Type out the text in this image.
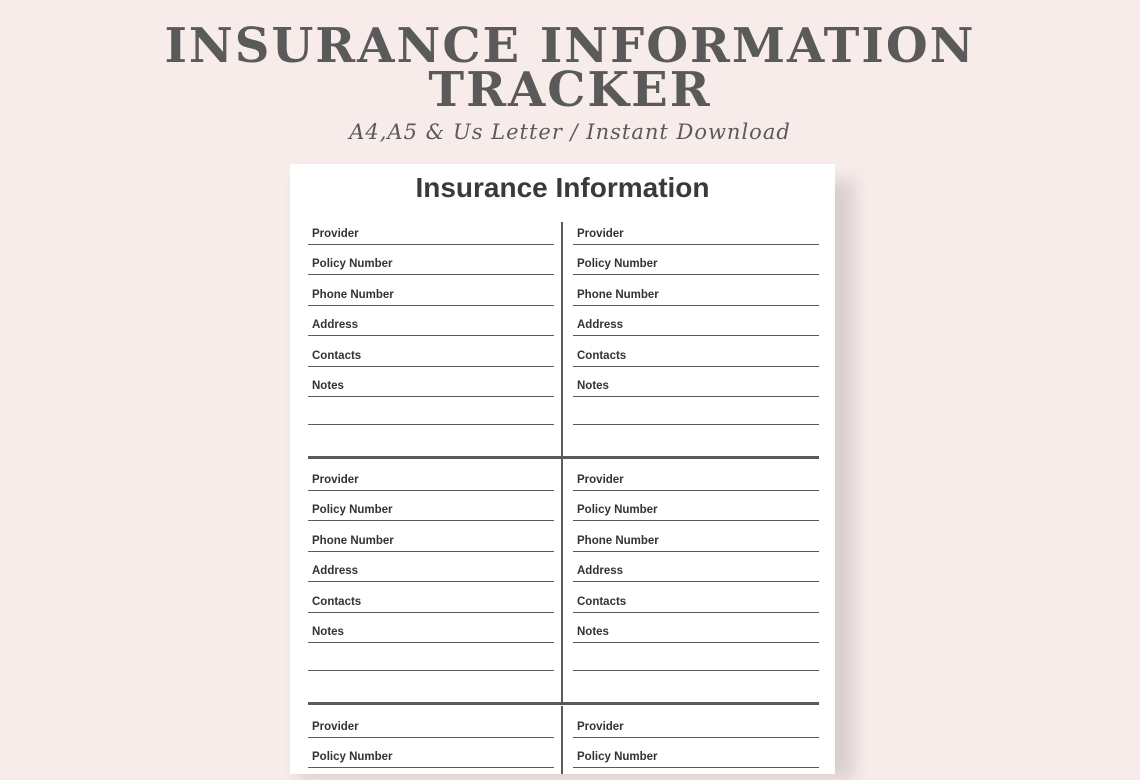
INSURANCE INFORMATION
TRACKER
A4,A5 & Us Letter / Instant Download
Insurance Information
Provider
Policy Number
Phone Number
Address
Contacts
Notes
Provider
Policy Number
Phone Number
Address
Contacts
Notes
Provider
Policy Number
Phone Number
Address
Contacts
Notes
Provider
Policy Number
Phone Number
Address
Contacts
Notes
Provider
Policy Number
Provider
Policy Number
